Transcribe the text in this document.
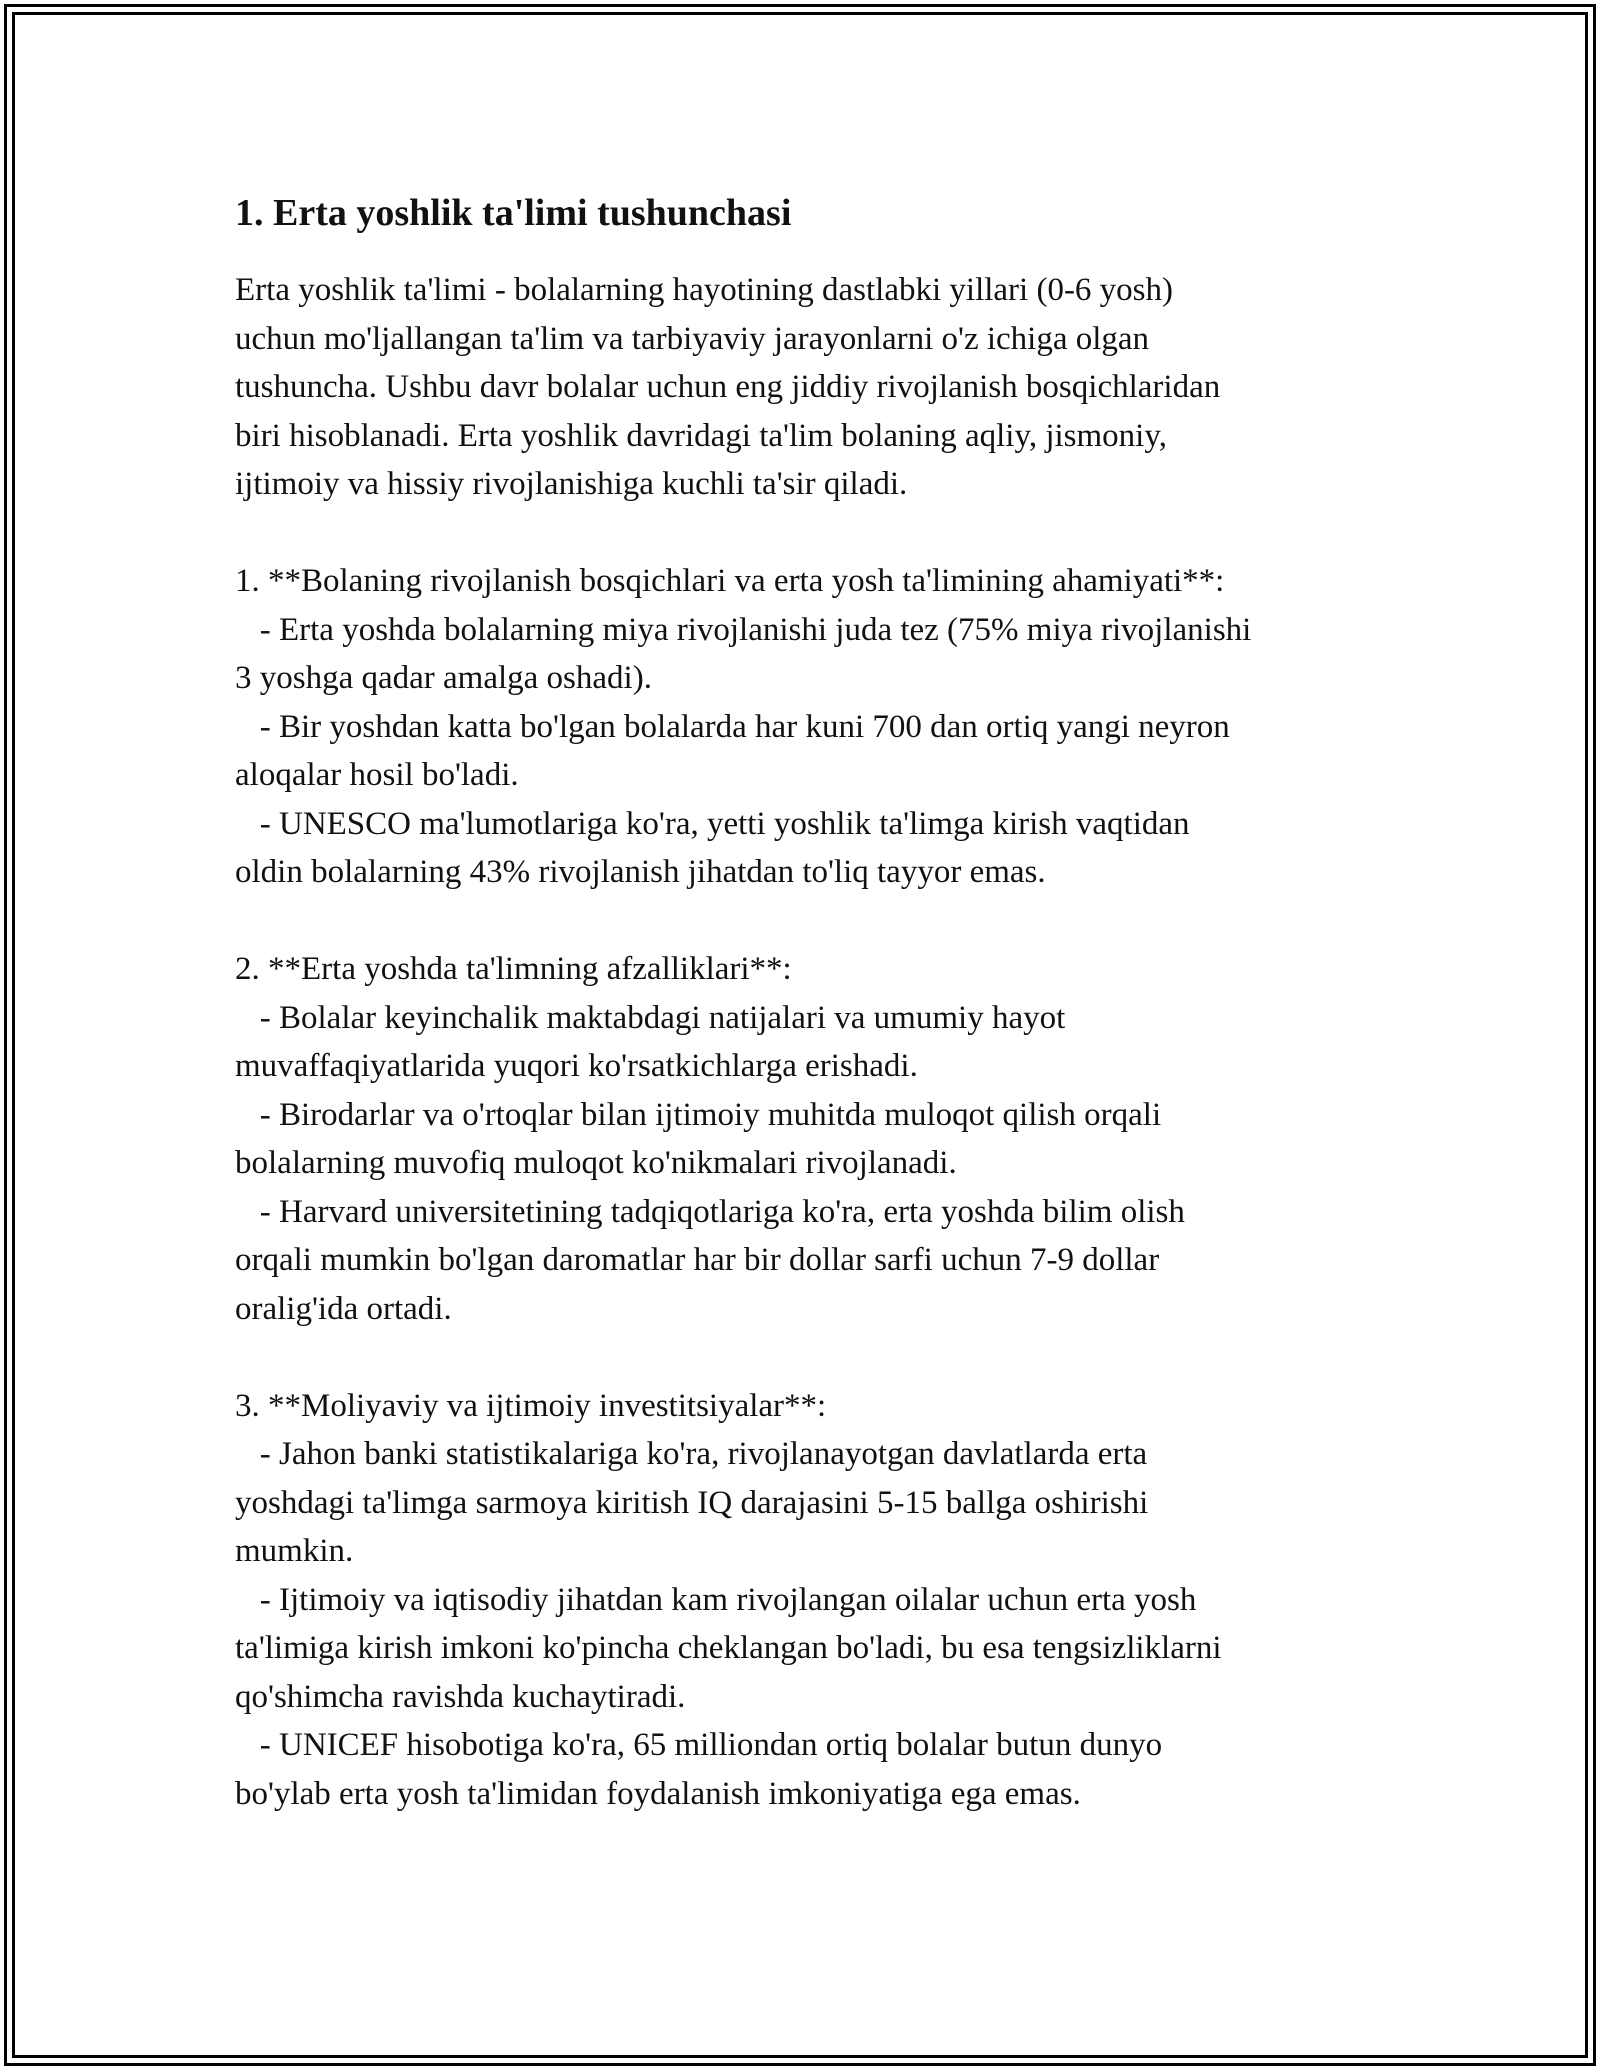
1. Erta yoshlik ta'limi tushunchasi

Erta yoshlik ta'limi - bolalarning hayotining dastlabki yillari (0-6 yosh)

uchun mo'ljallangan ta'lim va tarbiyaviy jarayonlarni o'z ichiga olgan

tushuncha. Ushbu davr bolalar uchun eng jiddiy rivojlanish bosqichlaridan

biri hisoblanadi. Erta yoshlik davridagi ta'lim bolaning aqliy, jismoniy,

ijtimoiy va hissiy rivojlanishiga kuchli ta'sir qiladi.

1. **Bolaning rivojlanish bosqichlari va erta yosh ta'limining ahamiyati**:

- Erta yoshda bolalarning miya rivojlanishi juda tez (75% miya rivojlanishi

3 yoshga qadar amalga oshadi).

- Bir yoshdan katta bo'lgan bolalarda har kuni 700 dan ortiq yangi neyron

aloqalar hosil bo'ladi.

- UNESCO ma'lumotlariga ko'ra, yetti yoshlik ta'limga kirish vaqtidan

oldin bolalarning 43% rivojlanish jihatdan to'liq tayyor emas.

2. **Erta yoshda ta'limning afzalliklari**:

- Bolalar keyinchalik maktabdagi natijalari va umumiy hayot

muvaffaqiyatlarida yuqori ko'rsatkichlarga erishadi.

- Birodarlar va o'rtoqlar bilan ijtimoiy muhitda muloqot qilish orqali

bolalarning muvofiq muloqot ko'nikmalari rivojlanadi.

- Harvard universitetining tadqiqotlariga ko'ra, erta yoshda bilim olish

orqali mumkin bo'lgan daromatlar har bir dollar sarfi uchun 7-9 dollar

oralig'ida ortadi.

3. **Moliyaviy va ijtimoiy investitsiyalar**:

- Jahon banki statistikalariga ko'ra, rivojlanayotgan davlatlarda erta

yoshdagi ta'limga sarmoya kiritish IQ darajasini 5-15 ballga oshirishi

mumkin.

- Ijtimoiy va iqtisodiy jihatdan kam rivojlangan oilalar uchun erta yosh

ta'limiga kirish imkoni ko'pincha cheklangan bo'ladi, bu esa tengsizliklarni

qo'shimcha ravishda kuchaytiradi.

- UNICEF hisobotiga ko'ra, 65 milliondan ortiq bolalar butun dunyo

bo'ylab erta yosh ta'limidan foydalanish imkoniyatiga ega emas.
